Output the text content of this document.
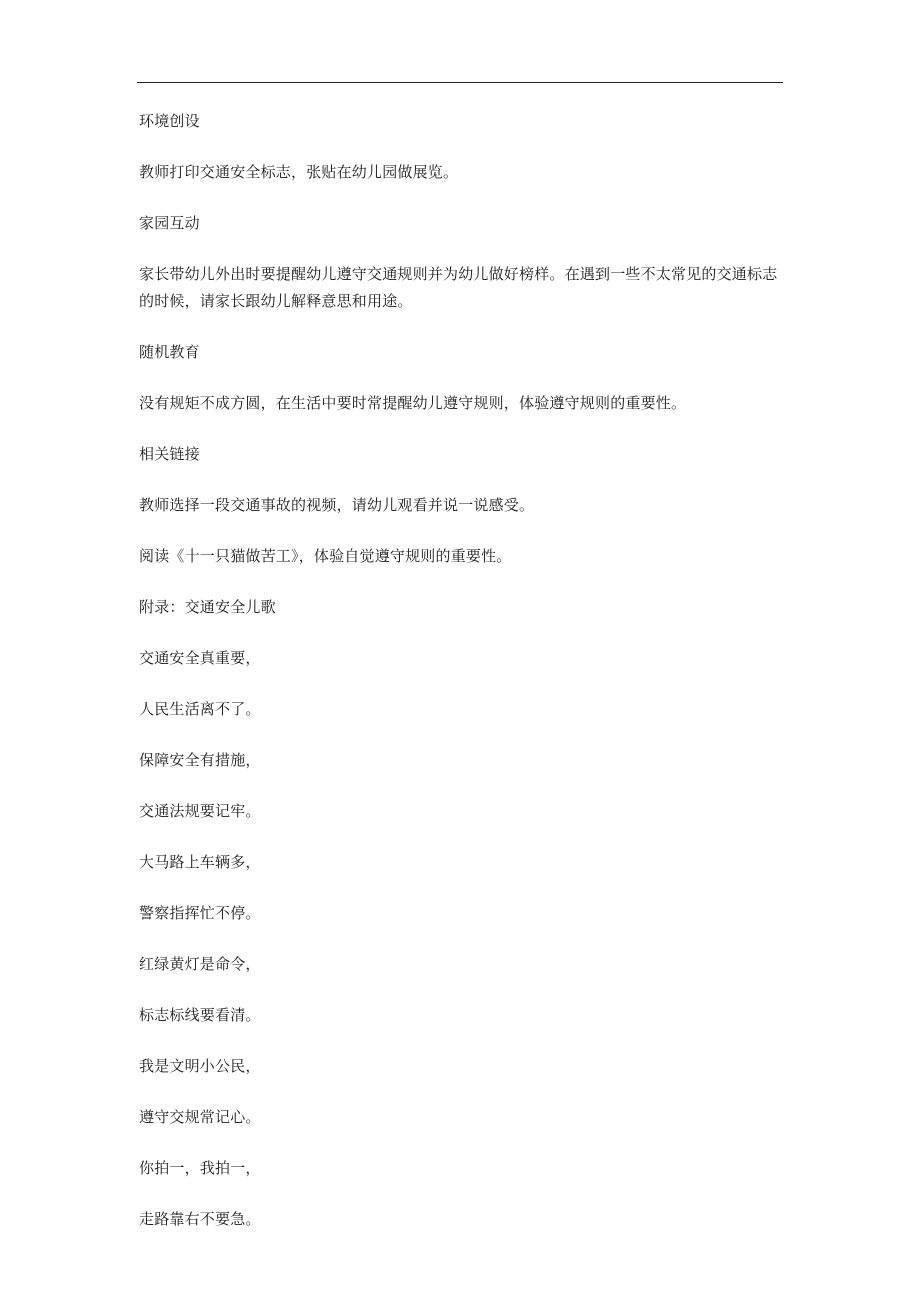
环境创设

教师打印交通安全标志，张贴在幼儿园做展览。

家园互动

家长带幼儿外出时要提醒幼儿遵守交通规则并为幼儿做好榜样。在遇到一些不太常见的交通标志的时候，请家长跟幼儿解释意思和用途。

随机教育

没有规矩不成方圆，在生活中要时常提醒幼儿遵守规则，体验遵守规则的重要性。

相关链接

教师选择一段交通事故的视频，请幼儿观看并说一说感受。

阅读《十一只猫做苦工》，体验自觉遵守规则的重要性。

附录：交通安全儿歌

交通安全真重要，

人民生活离不了。

保障安全有措施，

交通法规要记牢。

大马路上车辆多，

警察指挥忙不停。

红绿黄灯是命令，

标志标线要看清。

我是文明小公民，

遵守交规常记心。

你拍一，我拍一，

走路靠右不要急。
